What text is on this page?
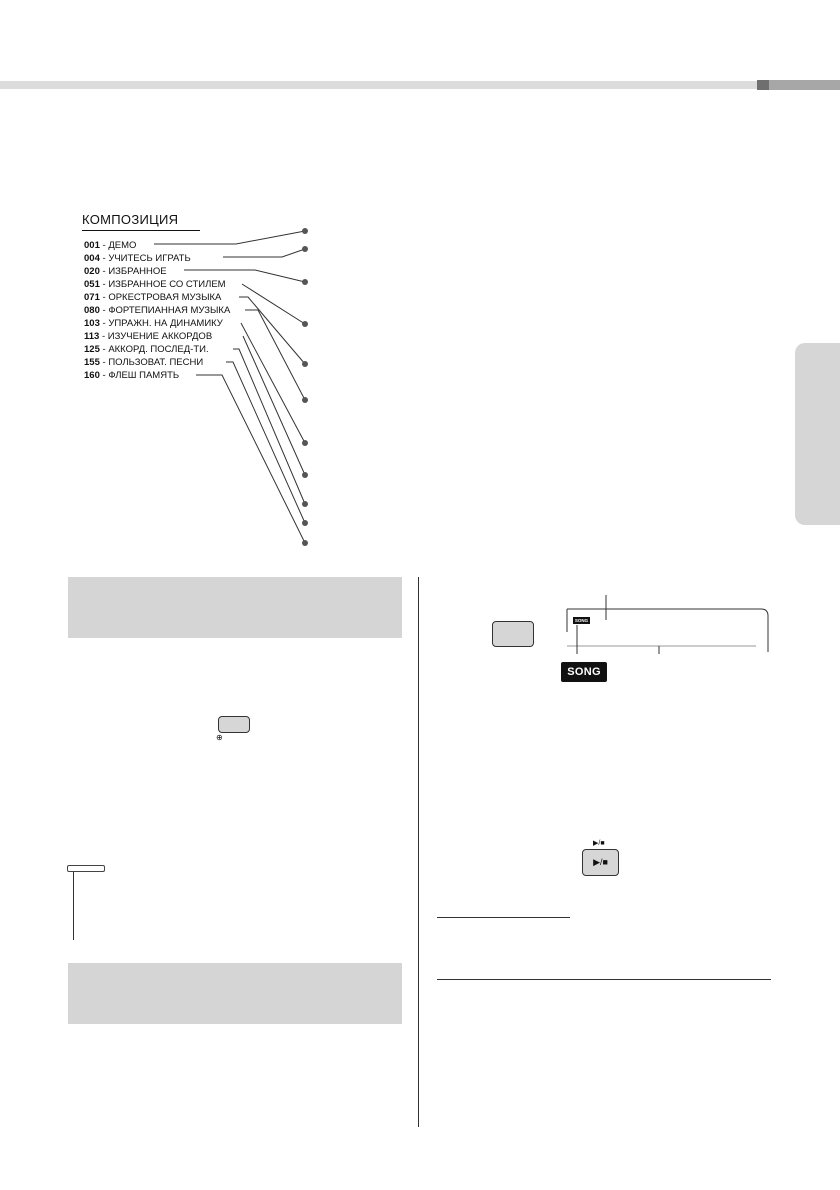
КОМПОЗИЦИЯ
001 - ДЕМО
004 - УЧИТЕСЬ ИГРАТЬ
020 - ИЗБРАННОЕ
051 - ИЗБРАННОЕ СО СТИЛЕМ
071 - ОРКЕСТРОВАЯ МУЗЫКА
080 - ФОРТЕПИАННАЯ МУЗЫКА
103 - УПРАЖН. НА ДИНАМИКУ
113 - ИЗУЧЕНИЕ АККОРДОВ
125 - АККОРД. ПОСЛЕД-ТИ.
155 - ПОЛЬЗОВАТ. ПЕСНИ
160 - ФЛЕШ ПАМЯТЬ
⊕
SONG
SONG
▶/■
▶/■
